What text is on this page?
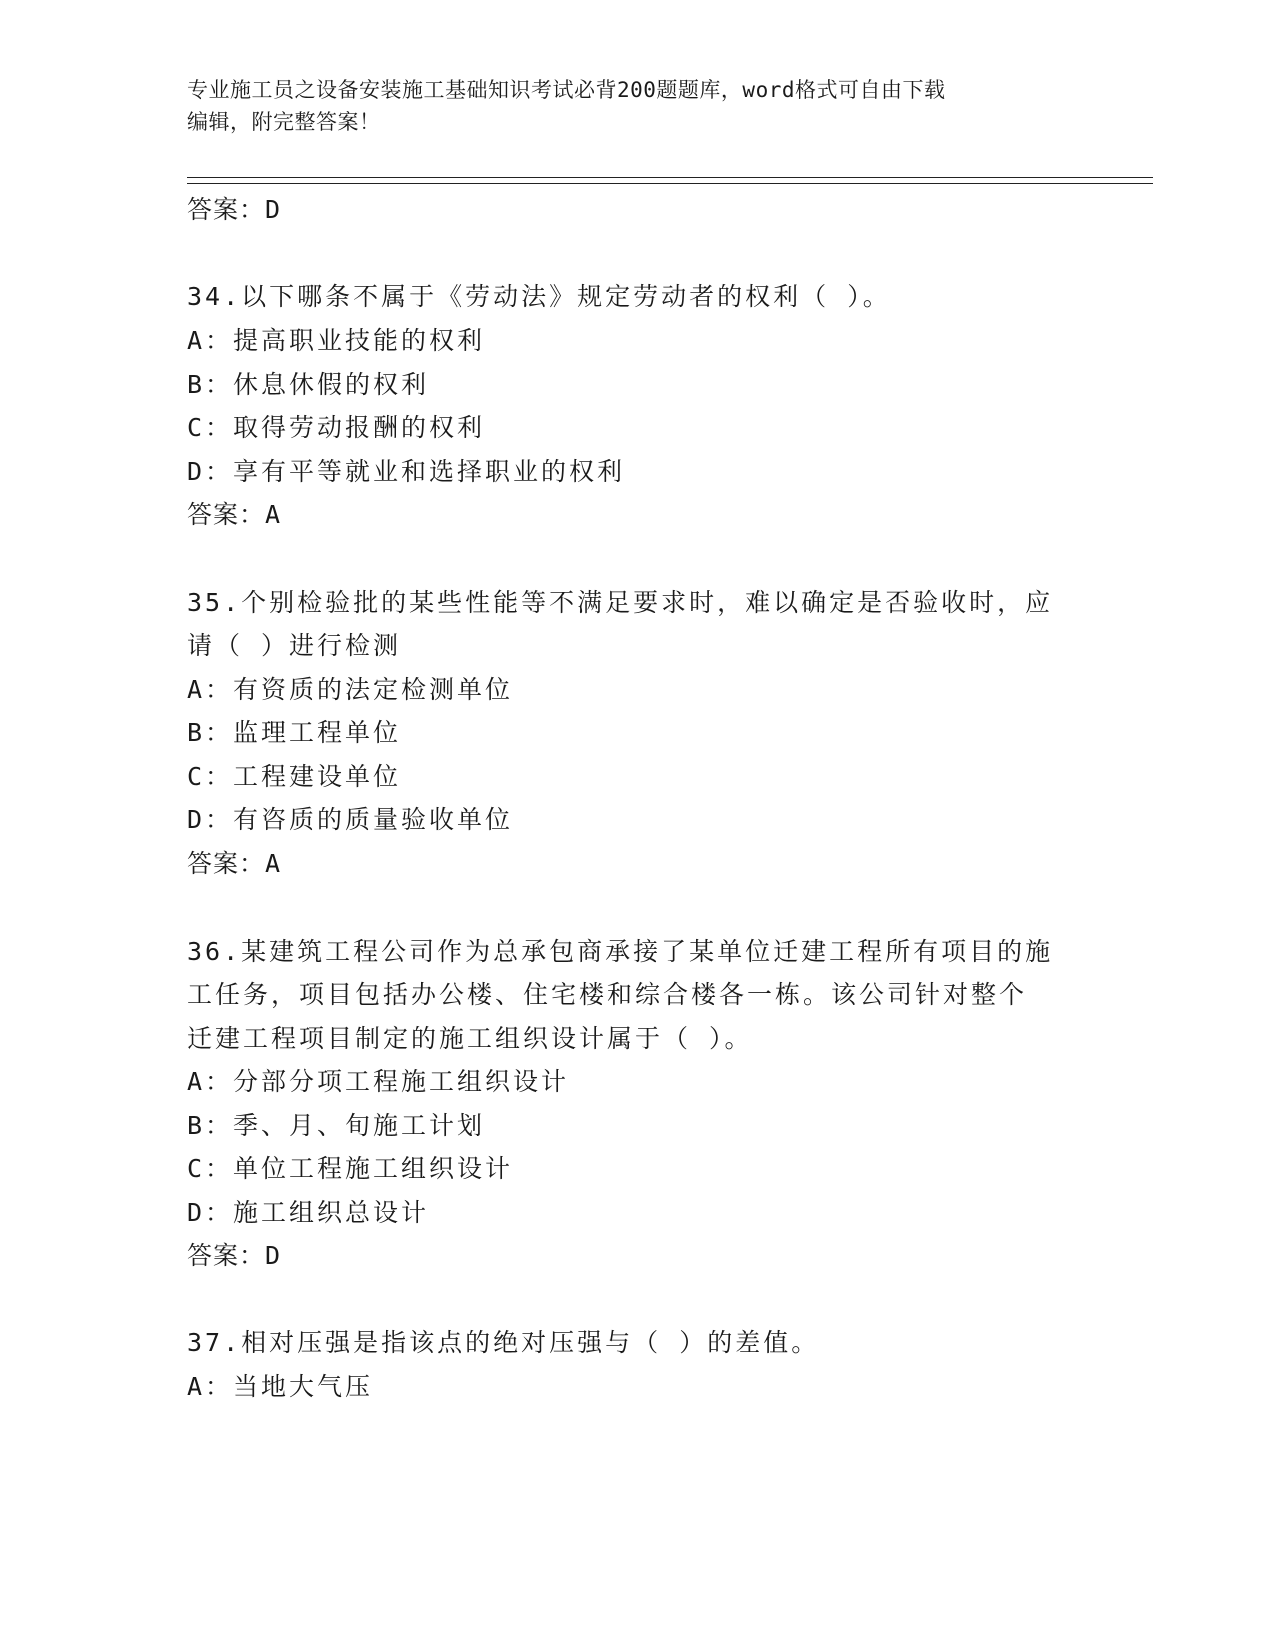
专业施工员之设备安装施工基础知识考试必背200题题库，word格式可自由下载
编辑，附完整答案！
答案：D
34.以下哪条不属于《劳动法》规定劳动者的权利（ ）。
A：提高职业技能的权利
B：休息休假的权利
C：取得劳动报酬的权利
D：享有平等就业和选择职业的权利
答案：A
35.个别检验批的某些性能等不满足要求时，难以确定是否验收时，应
请（ ）进行检测
A：有资质的法定检测单位
B：监理工程单位
C：工程建设单位
D：有咨质的质量验收单位
答案：A
36.某建筑工程公司作为总承包商承接了某单位迁建工程所有项目的施
工任务，项目包括办公楼、住宅楼和综合楼各一栋。该公司针对整个
迁建工程项目制定的施工组织设计属于（ ）。
A：分部分项工程施工组织设计
B：季、月、旬施工计划
C：单位工程施工组织设计
D：施工组织总设计
答案：D
37.相对压强是指该点的绝对压强与（ ）的差值。
A：当地大气压
